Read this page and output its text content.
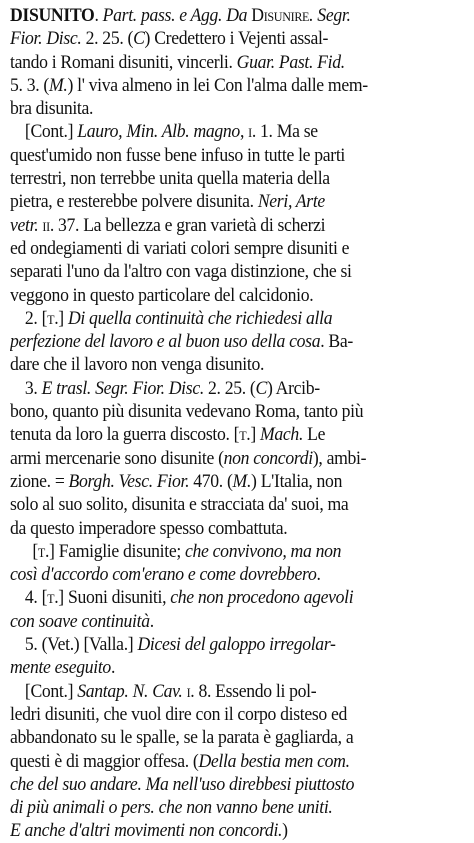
DISUNITO. Part. pass. e Agg. Da Disunire. Segr.
Fior. Disc. 2. 25. (C) Credettero i Vejenti assal-
tando i Romani disuniti, vincerli. Guar. Past. Fid.
5. 3. (M.) l' viva almeno in lei Con l'alma dalle mem-
bra disunita.
[Cont.] Lauro, Min. Alb. magno, i. 1. Ma se
quest'umido non fusse bene infuso in tutte le parti
terrestri, non terrebbe unita quella materia della
pietra, e resterebbe polvere disunita. Neri, Arte
vetr. ii. 37. La bellezza e gran varietà di scherzi
ed ondegiamenti di variati colori sempre disuniti e
separati l'uno da l'altro con vaga distinzione, che si
veggono in questo particolare del calcidonio.
2. [t.] Di quella continuità che richiedesi alla
perfezione del lavoro e al buon uso della cosa. Ba-
dare che il lavoro non venga disunito.
3. E trasl. Segr. Fior. Disc. 2. 25. (C) Arcib-
bono, quanto più disunita vedevano Roma, tanto più
tenuta da loro la guerra discosto. [t.] Mach. Le
armi mercenarie sono disunite (non concordi), ambi-
zione. = Borgh. Vesc. Fior. 470. (M.) L'Italia, non
solo al suo solito, disunita e stracciata da' suoi, ma
da questo imperadore spesso combattuta.
[t.] Famiglie disunite; che convivono, ma non
così d'accordo com'erano e come dovrebbero.
4. [t.] Suoni disuniti, che non procedono agevoli
con soave continuità.
5. (Vet.) [Valla.] Dicesi del galoppo irregolar-
mente eseguito.
[Cont.] Santap. N. Cav. i. 8. Essendo li pol-
ledri disuniti, che vuol dire con il corpo disteso ed
abbandonato su le spalle, se la parata è gagliarda, a
questi è di maggior offesa. (Della bestia men com.
che del suo andare. Ma nell'uso direbbesi piuttosto
di più animali o pers. che non vanno bene uniti.
E anche d'altri movimenti non concordi.)
